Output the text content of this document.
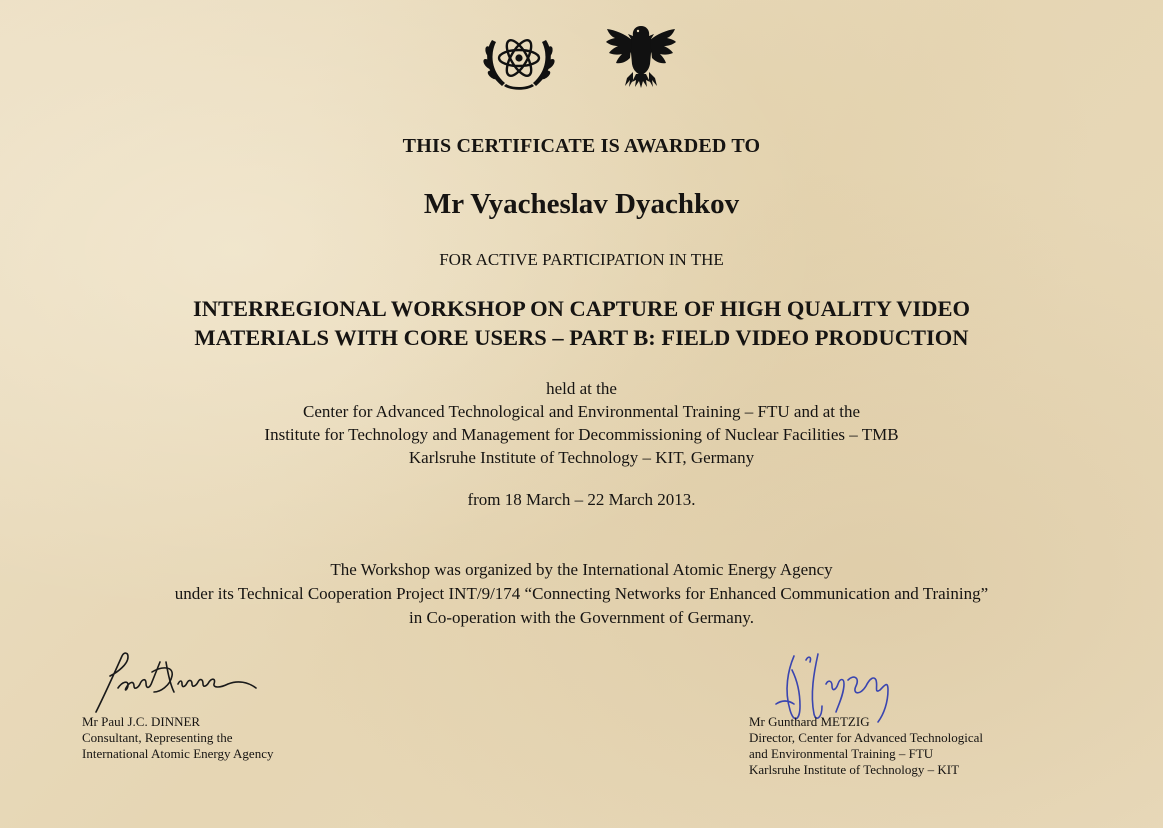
THIS CERTIFICATE IS AWARDED TO
Mr Vyacheslav Dyachkov
FOR ACTIVE PARTICIPATION IN THE
INTERREGIONAL WORKSHOP ON CAPTURE OF HIGH QUALITY VIDEO
MATERIALS WITH CORE USERS – PART B: FIELD VIDEO PRODUCTION
held at the
Center for Advanced Technological and Environmental Training – FTU and at the
Institute for Technology and Management for Decommissioning of Nuclear Facilities – TMB
Karlsruhe Institute of Technology – KIT, Germany
from 18 March – 22 March 2013.
The Workshop was organized by the International Atomic Energy Agency
under its Technical Cooperation Project INT/9/174 “Connecting Networks for Enhanced Communication and Training”
in Co-operation with the Government of Germany.
Mr Paul J.C. DINNER
Consultant, Representing the
International Atomic Energy Agency
Mr Gunthard METZIG
Director, Center for Advanced Technological
and Environmental Training – FTU
Karlsruhe Institute of Technology – KIT
